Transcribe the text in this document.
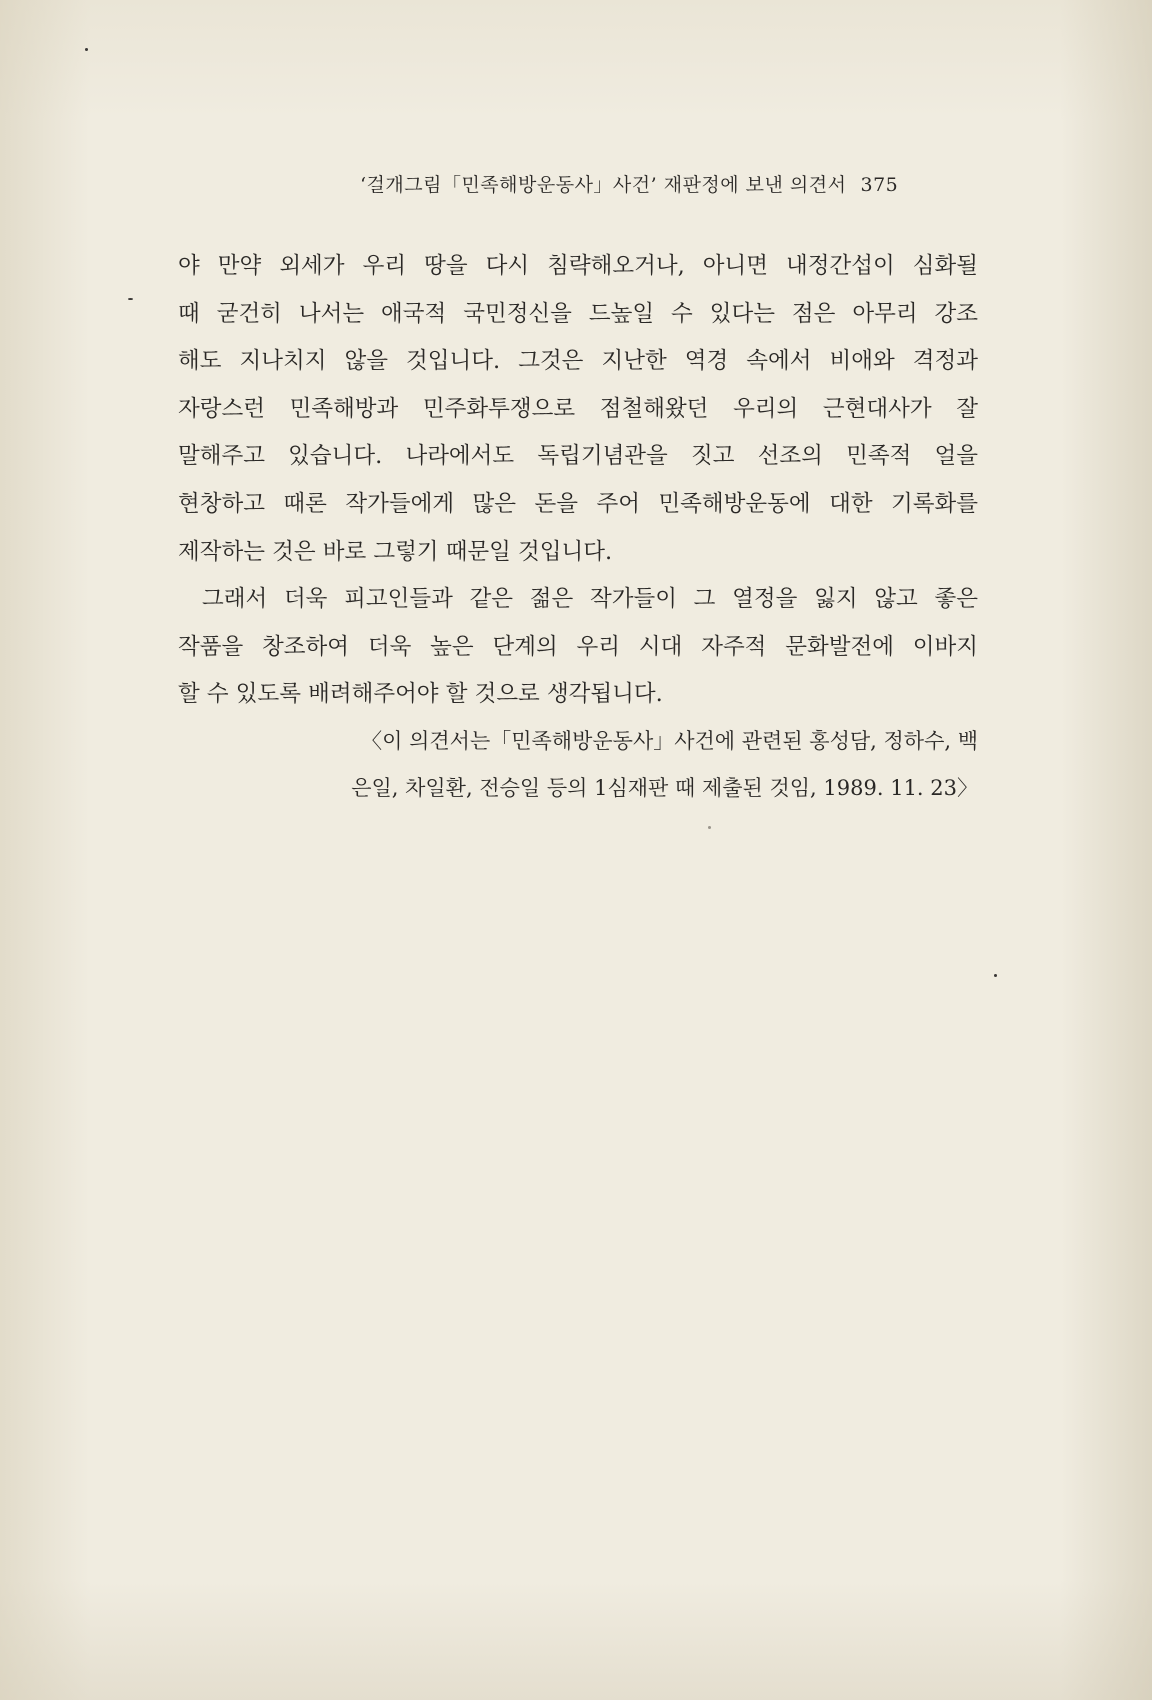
‘걸개그림「민족해방운동사」사건’ 재판정에 보낸 의견서 375
야 만약 외세가 우리 땅을 다시 침략해오거나, 아니면 내정간섭이 심화될
때 굳건히 나서는 애국적 국민정신을 드높일 수 있다는 점은 아무리 강조
해도 지나치지 않을 것입니다. 그것은 지난한 역경 속에서 비애와 격정과
자랑스런 민족해방과 민주화투쟁으로 점철해왔던 우리의 근현대사가 잘
말해주고 있습니다. 나라에서도 독립기념관을 짓고 선조의 민족적 얼을
현창하고 때론 작가들에게 많은 돈을 주어 민족해방운동에 대한 기록화를
제작하는 것은 바로 그렇기 때문일 것입니다.
그래서 더욱 피고인들과 같은 젊은 작가들이 그 열정을 잃지 않고 좋은
작품을 창조하여 더욱 높은 단계의 우리 시대 자주적 문화발전에 이바지
할 수 있도록 배려해주어야 할 것으로 생각됩니다.
〈이 의견서는「민족해방운동사」사건에 관련된 홍성담, 정하수, 백
은일, 차일환, 전승일 등의 1심재판 때 제출된 것임, 1989. 11. 23〉
